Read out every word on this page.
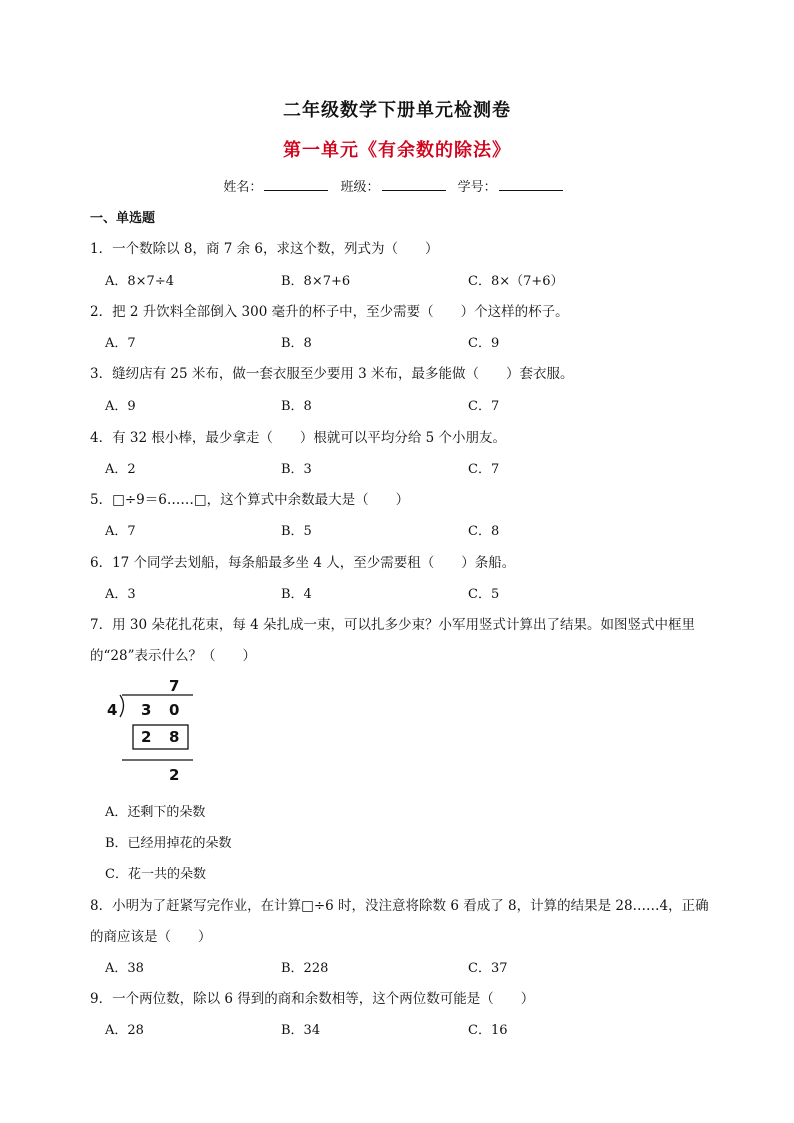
二年级数学下册单元检测卷
第一单元《有余数的除法》
姓名：	班级：	学号：
一、单选题
1．一个数除以 8，商 7 余 6，求这个数，列式为（　　）
A．8×7÷4	B．8×7+6	C．8×（7+6）
2．把 2 升饮料全部倒入 300 毫升的杯子中，至少需要（　　）个这样的杯子。
A．7	B．8	C．9
3．缝纫店有 25 米布，做一套衣服至少要用 3 米布，最多能做（　　）套衣服。
A．9	B．8	C．7
4．有 32 根小棒，最少拿走（　　）根就可以平均分给 5 个小朋友。
A．2	B．3	C．7
5．□÷9＝6……□，这个算式中余数最大是（　　）
A．7	B．5	C．8
6．17 个同学去划船，每条船最多坐 4 人，至少需要租（　　）条船。
A．3	B．4	C．5
7．用 30 朵花扎花束，每 4 朵扎成一束，可以扎多少束？小军用竖式计算出了结果。如图竖式中框里
的“28”表示什么？（　　）
7
4 3 0
2 8
2
A．还剩下的朵数
B．已经用掉花的朵数
C．花一共的朵数
8．小明为了赶紧写完作业，在计算□÷6 时，没注意将除数 6 看成了 8，计算的结果是 28……4，正确
的商应该是（　　）
A．38	B．228	C．37
9．一个两位数，除以 6 得到的商和余数相等，这个两位数可能是（　　）
A．28	B．34	C．16
